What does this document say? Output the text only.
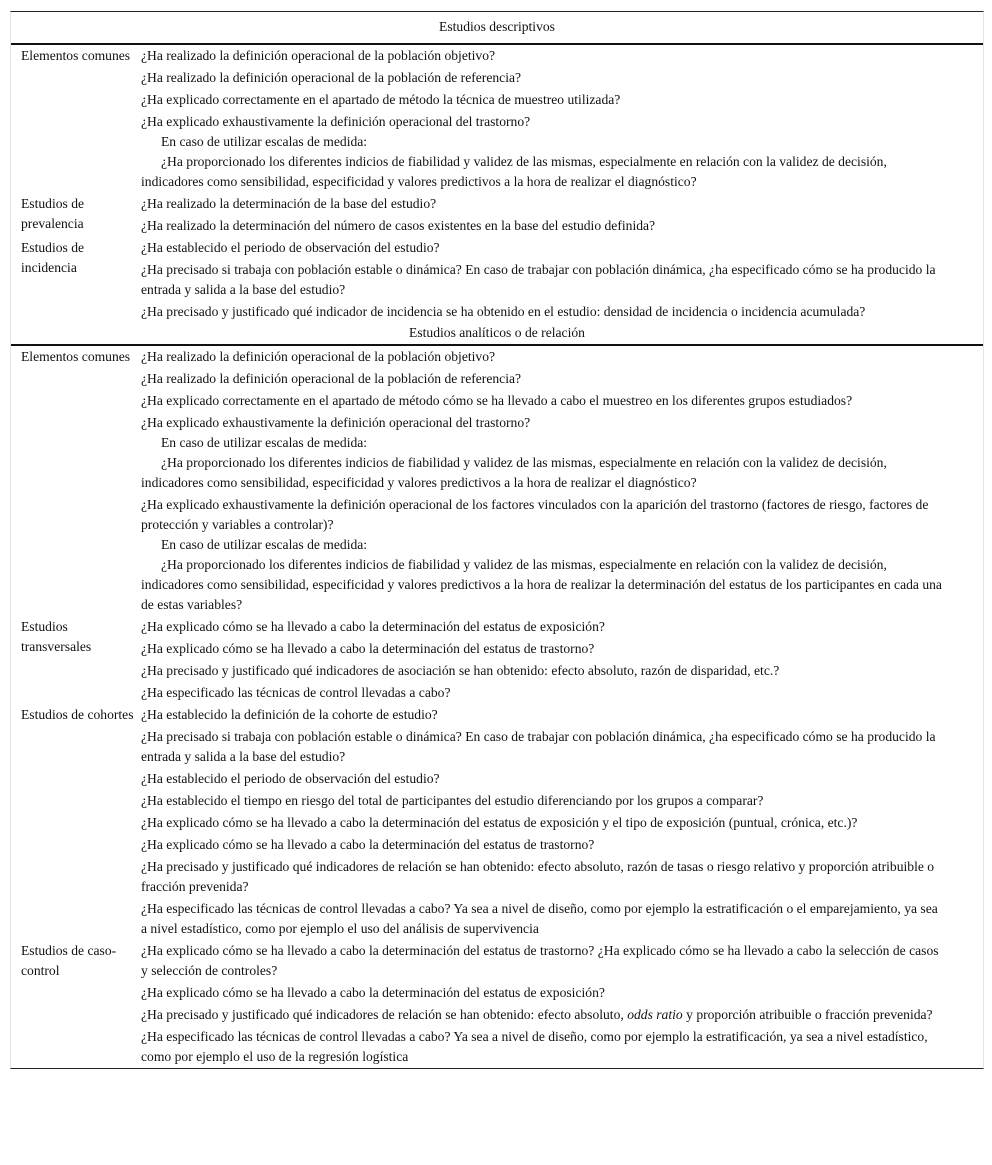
Estudios descriptivos
Elementos comunes ¿Ha realizado la definición operacional de la población objetivo?
¿Ha realizado la definición operacional de la población de referencia?
¿Ha explicado correctamente en el apartado de método la técnica de muestreo utilizada?
¿Ha explicado exhaustivamente la definición operacional del trastorno?
En caso de utilizar escalas de medida:
¿Ha proporcionado los diferentes indicios de fiabilidad y validez de las mismas, especialmente en relación con la validez de decisión, indicadores como sensibilidad, especificidad y valores predictivos a la hora de realizar el diagnóstico?
Estudios de prevalencia
¿Ha realizado la determinación de la base del estudio?
¿Ha realizado la determinación del número de casos existentes en la base del estudio definida?
Estudios de incidencia
¿Ha establecido el periodo de observación del estudio?
¿Ha precisado si trabaja con población estable o dinámica? En caso de trabajar con población dinámica, ¿ha especificado cómo se ha producido la entrada y salida a la base del estudio?
¿Ha precisado y justificado qué indicador de incidencia se ha obtenido en el estudio: densidad de incidencia o incidencia acumulada?
Estudios analíticos o de relación
Elementos comunes ¿Ha realizado la definición operacional de la población objetivo?
¿Ha realizado la definición operacional de la población de referencia?
¿Ha explicado correctamente en el apartado de método cómo se ha llevado a cabo el muestreo en los diferentes grupos estudiados?
¿Ha explicado exhaustivamente la definición operacional del trastorno?
En caso de utilizar escalas de medida:
¿Ha proporcionado los diferentes indicios de fiabilidad y validez de las mismas, especialmente en relación con la validez de decisión, indicadores como sensibilidad, especificidad y valores predictivos a la hora de realizar el diagnóstico?
¿Ha explicado exhaustivamente la definición operacional de los factores vinculados con la aparición del trastorno (factores de riesgo, factores de protección y variables a controlar)?
En caso de utilizar escalas de medida:
¿Ha proporcionado los diferentes indicios de fiabilidad y validez de las mismas, especialmente en relación con la validez de decisión, indicadores como sensibilidad, especificidad y valores predictivos a la hora de realizar la determinación del estatus de los participantes en cada una de estas variables?
Estudios transversales
¿Ha explicado cómo se ha llevado a cabo la determinación del estatus de exposición?
¿Ha explicado cómo se ha llevado a cabo la determinación del estatus de trastorno?
¿Ha precisado y justificado qué indicadores de asociación se han obtenido: efecto absoluto, razón de disparidad, etc.?
¿Ha especificado las técnicas de control llevadas a cabo?
Estudios de cohortes ¿Ha establecido la definición de la cohorte de estudio?
¿Ha precisado si trabaja con población estable o dinámica? En caso de trabajar con población dinámica, ¿ha especificado cómo se ha producido la entrada y salida a la base del estudio?
¿Ha establecido el periodo de observación del estudio?
¿Ha establecido el tiempo en riesgo del total de participantes del estudio diferenciando por los grupos a comparar?
¿Ha explicado cómo se ha llevado a cabo la determinación del estatus de exposición y el tipo de exposición (puntual, crónica, etc.)?
¿Ha explicado cómo se ha llevado a cabo la determinación del estatus de trastorno?
¿Ha precisado y justificado qué indicadores de relación se han obtenido: efecto absoluto, razón de tasas o riesgo relativo y proporción atribuible o fracción prevenida?
¿Ha especificado las técnicas de control llevadas a cabo? Ya sea a nivel de diseño, como por ejemplo la estratificación o el emparejamiento, ya sea a nivel estadístico, como por ejemplo el uso del análisis de supervivencia
Estudios de caso-control
¿Ha explicado cómo se ha llevado a cabo la determinación del estatus de trastorno? ¿Ha explicado cómo se ha llevado a cabo la selección de casos y selección de controles?
¿Ha explicado cómo se ha llevado a cabo la determinación del estatus de exposición?
¿Ha precisado y justificado qué indicadores de relación se han obtenido: efecto absoluto, odds ratio y proporción atribuible o fracción prevenida?
¿Ha especificado las técnicas de control llevadas a cabo? Ya sea a nivel de diseño, como por ejemplo la estratificación, ya sea a nivel estadístico, como por ejemplo el uso de la regresión logística
